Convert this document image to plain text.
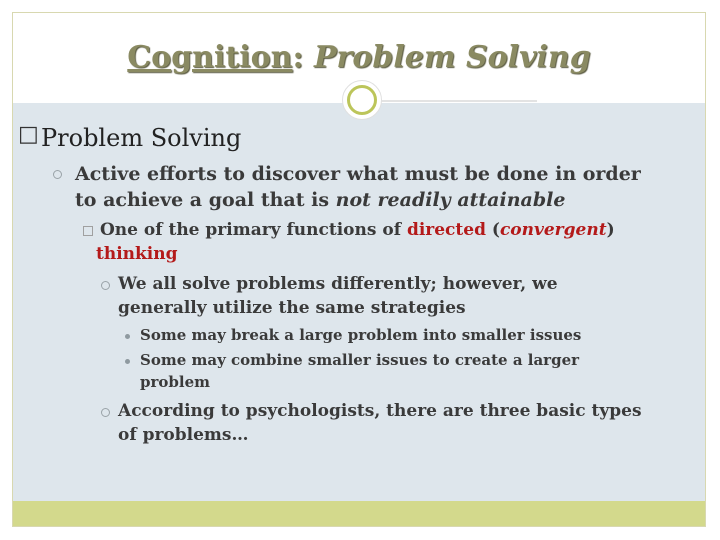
Cognition: Problem Solving
□ Problem Solving
Active efforts to discover what must be done in order
to achieve a goal that is not readily attainable
One of the primary functions of directed (convergent)
thinking
We all solve problems differently; however, we
generally utilize the same strategies
Some may break a large problem into smaller issues
Some may combine smaller issues to create a larger
problem
According to psychologists, there are three basic types
of problems…
